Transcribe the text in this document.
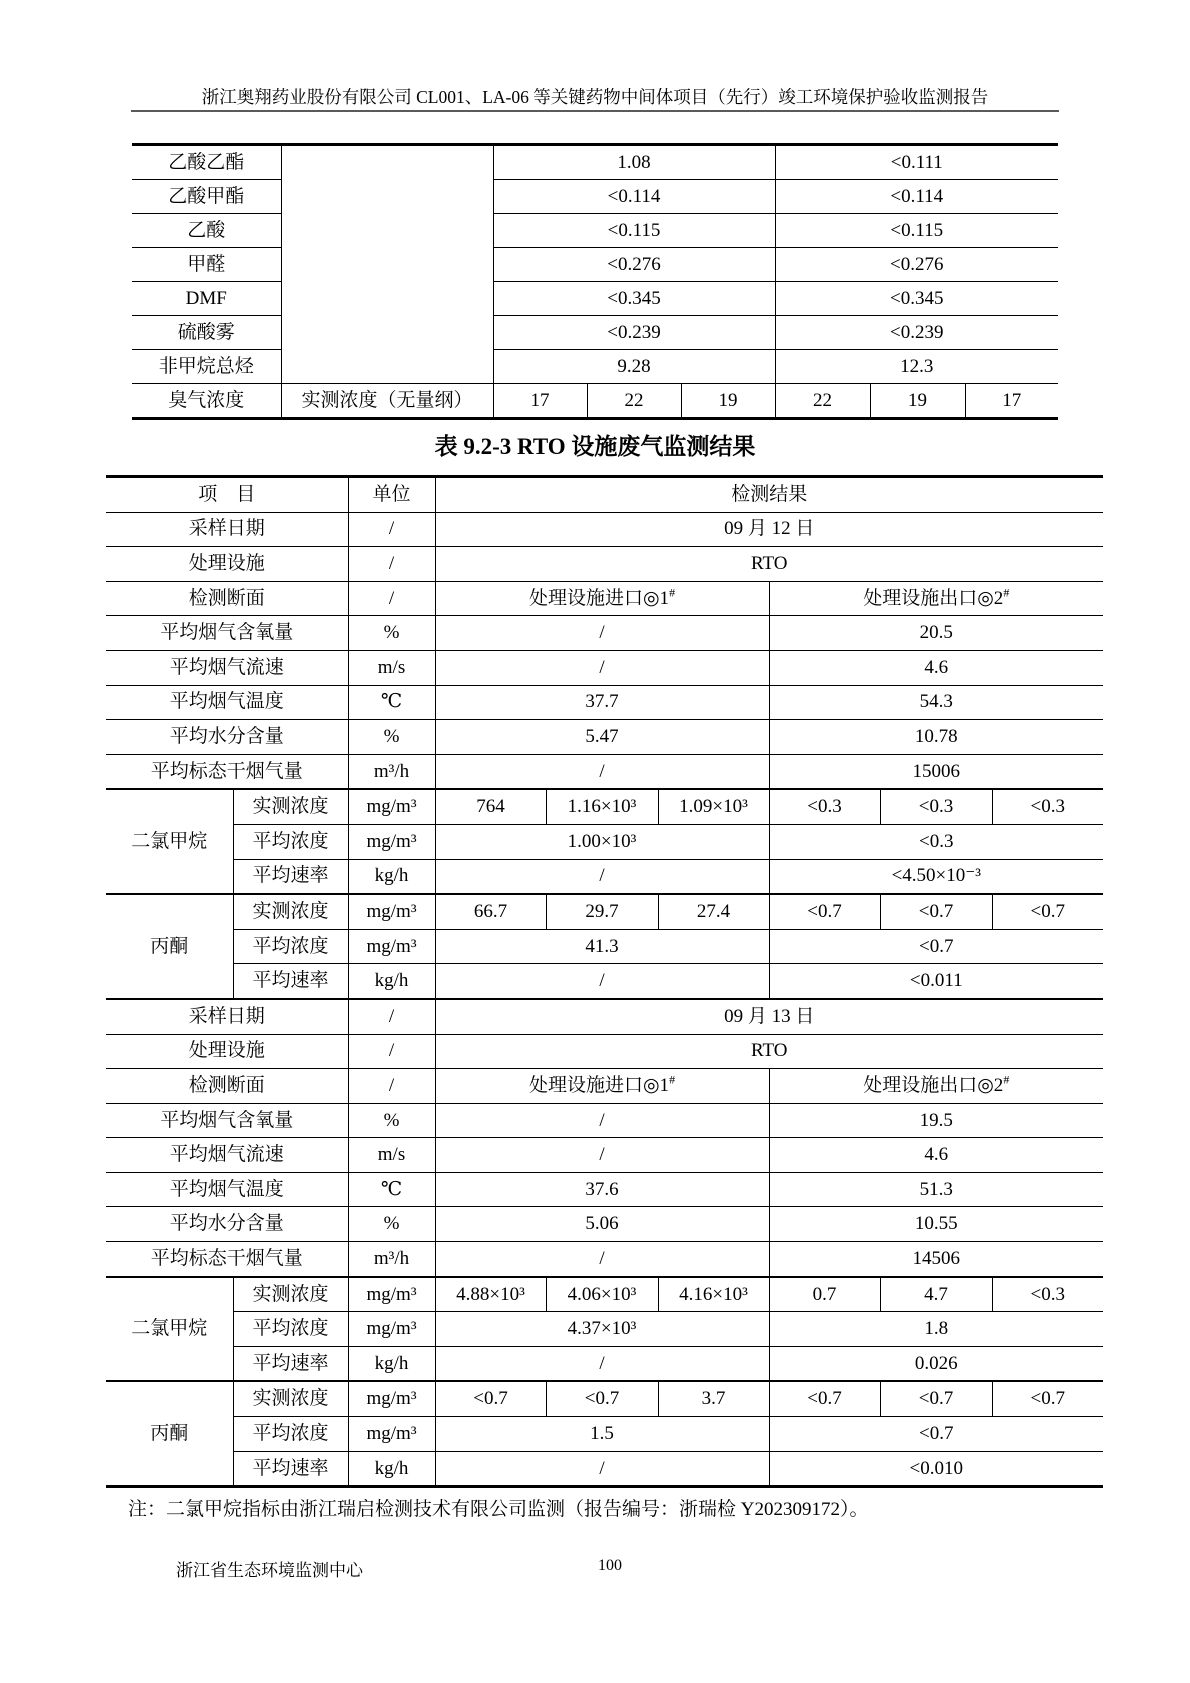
浙江奥翔药业股份有限公司 CL001、LA-06 等关键药物中间体项目（先行）竣工环境保护验收监测报告
乙酸乙酯		1.08			<0.111		
乙酸甲酯		<0.114			<0.114		
乙酸		<0.115			<0.115		
甲醛		<0.276			<0.276		
DMF		<0.345			<0.345		
硫酸雾		<0.239			<0.239		
非甲烷总烃		9.28			12.3		
臭气浓度	实测浓度（无量纲）	17	22	19	22	19	17
表 9.2-3 RTO 设施废气监测结果
项　目		单位	检测结果					
采样日期		/	09 月 12 日					
处理设施		/	RTO					
检测断面		/	处理设施进口◎1#			处理设施出口◎2#
平均烟气含氧量		%	/			20.5		
平均烟气流速		m/s	/			4.6		
平均烟气温度		℃	37.7			54.3		
平均水分含量		%	5.47			10.78		
平均标态干烟气量		m³/h	/			15006		
二氯甲烷	实测浓度	mg/m³	764	1.16×10³	1.09×10³	<0.3	<0.3	<0.3
	平均浓度	mg/m³	1.00×10³			<0.3		
	平均速率	kg/h	/			<4.50×10⁻³		
丙酮	实测浓度	mg/m³	66.7	29.7	27.4	<0.7	<0.7	<0.7
	平均浓度	mg/m³	41.3			<0.7		
	平均速率	kg/h	/			<0.011		
采样日期		/	09 月 13 日					
处理设施		/	RTO					
检测断面		/	处理设施进口◎1#			处理设施出口◎2#
平均烟气含氧量		%	/			19.5		
平均烟气流速		m/s	/			4.6		
平均烟气温度		℃	37.6			51.3		
平均水分含量		%	5.06			10.55		
平均标态干烟气量		m³/h	/			14506		
二氯甲烷	实测浓度	mg/m³	4.88×10³	4.06×10³	4.16×10³	0.7	4.7	<0.3
	平均浓度	mg/m³	4.37×10³			1.8		
	平均速率	kg/h	/			0.026		
丙酮	实测浓度	mg/m³	<0.7	<0.7	3.7	<0.7	<0.7	<0.7
	平均浓度	mg/m³	1.5			<0.7		
	平均速率	kg/h	/			<0.010		
注：二氯甲烷指标由浙江瑞启检测技术有限公司监测（报告编号：浙瑞检 Y202309172）。
浙江省生态环境监测中心	100
